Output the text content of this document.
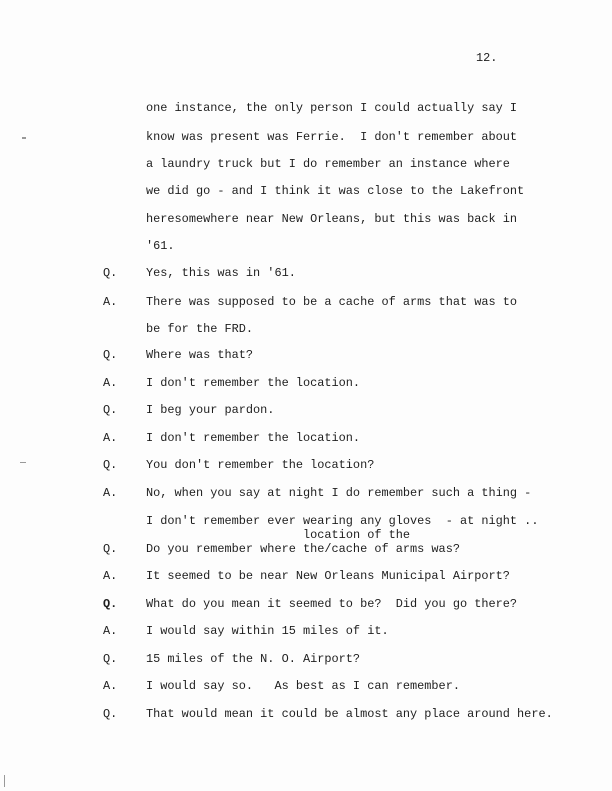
12.
one instance, the only person I could actually say I
know was present was Ferrie.  I don't remember about
a laundry truck but I do remember an instance where
we did go - and I think it was close to the Lakefront
heresomewhere near New Orleans, but this was back in
'61.
Q. Yes, this was in '61.
A. There was supposed to be a cache of arms that was to
be for the FRD.
Q. Where was that?
A. I don't remember the location.
Q. I beg your pardon.
A. I don't remember the location.
Q. You don't remember the location?
A. No, when you say at night I do remember such a thing -
I don't remember ever wearing any gloves  - at night ..
location of the
Q. Do you remember where the/cache of arms was?
A. It seemed to be near New Orleans Municipal Airport?
Q. What do you mean it seemed to be?  Did you go there?
A. I would say within 15 miles of it.
Q. 15 miles of the N. O. Airport?
A. I would say so.   As best as I can remember.
Q. That would mean it could be almost any place around here.
